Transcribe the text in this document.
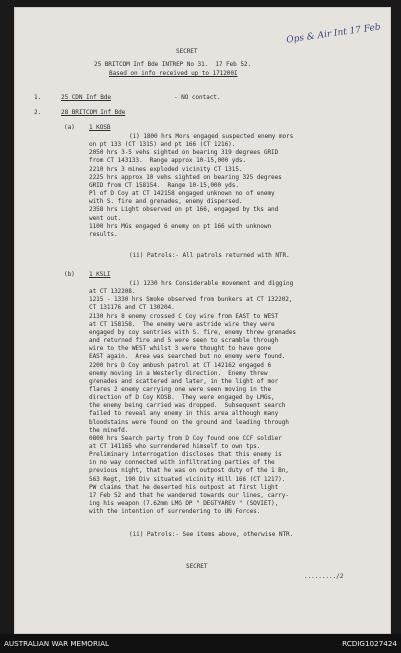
Ops & Air Int 17 Feb
SECRET
25 BRITCOM Inf Bde INTREP No 31.  17 Feb 52.
Based on info received up to 171200I
1.	25 CDN Inf Bde	- NO contact.
2.	28 BRITCOM Inf Bde
(a) 1 KOSB
(i) 1800 hrs Mors engaged suspected enemy mors
on pt 133 (CT 1315) and pt 166 (CT 1216).
2050 hrs 3-5 vehs sighted on bearing 319 degrees GRID
from CT 143133.  Range approx 10-15,000 yds.
2210 hrs 3 mines exploded vicinity CT 1315.
2225 hrs approx 10 vehs sighted on bearing 325 degrees
GRID from CT 158154.  Range 10-15,000 yds.
Pl of D Coy at CT 142158 engaged unknown no of enemy
with S. fire and grenades, enemy dispersed.
2358 hrs Light observed on pt 166, engaged by tks and
went out.
1100 hrs MGs engaged 6 enemy on pt 166 with unknown
results.
(ii) Patrols:- All patrols returned with NTR.
(b) 1 KSLI
(i) 1230 hrs Considerable movement and digging
at CT 132208.
1215 - 1330 hrs Smoke observed from bunkers at CT 132202,
CT 131176 and CT 130204.
2130 hrs 8 enemy crossed C Coy wire from EAST to WEST
at CT 158158.  The enemy were astride wire they were
engaged by coy sentries with S. fire, enemy threw grenades
and returned fire and 5 were seen to scramble through
wire to the WEST whilst 3 were thought to have gone
EAST again.  Area was searched but no enemy were found.
2200 hrs D Coy ambush patrol at CT 142162 engaged 6
enemy moving in a Westerly direction.  Enemy threw
grenades and scattered and later, in the light of mor
flares 2 enemy carrying one were seen moving in the
direction of D Coy KOSB.  They were engaged by LMGs,
the enemy being carried was dropped.  Subsequent search
failed to reveal any enemy in this area although many
bloodstains were found on the ground and leading through
the minefd.
0800 hrs Search party from D Coy found one CCF soldier
at CT 141165 who surrendered himself to own tps.
Preliminary interrogation discloses that this enemy is
in no way connected with infiltrating parties of the
previous night, that he was on outpost duty of the 1 Bn,
563 Regt, 190 Div situated vicinity Hill 166 (CT 1217).
PW claims that he deserted his outpost at first light
17 Feb 52 and that he wandered towards our lines, carry-
ing his weapon (7.62mm LMG DP " DEGTYAREV " (SOVIET),
with the intention of surrendering to UN Forces.
(ii) Patrols:- See items above, otherwise NTR.
SECRET
........./2
AUSTRALIAN WAR MEMORIAL	RCDIG1027424
